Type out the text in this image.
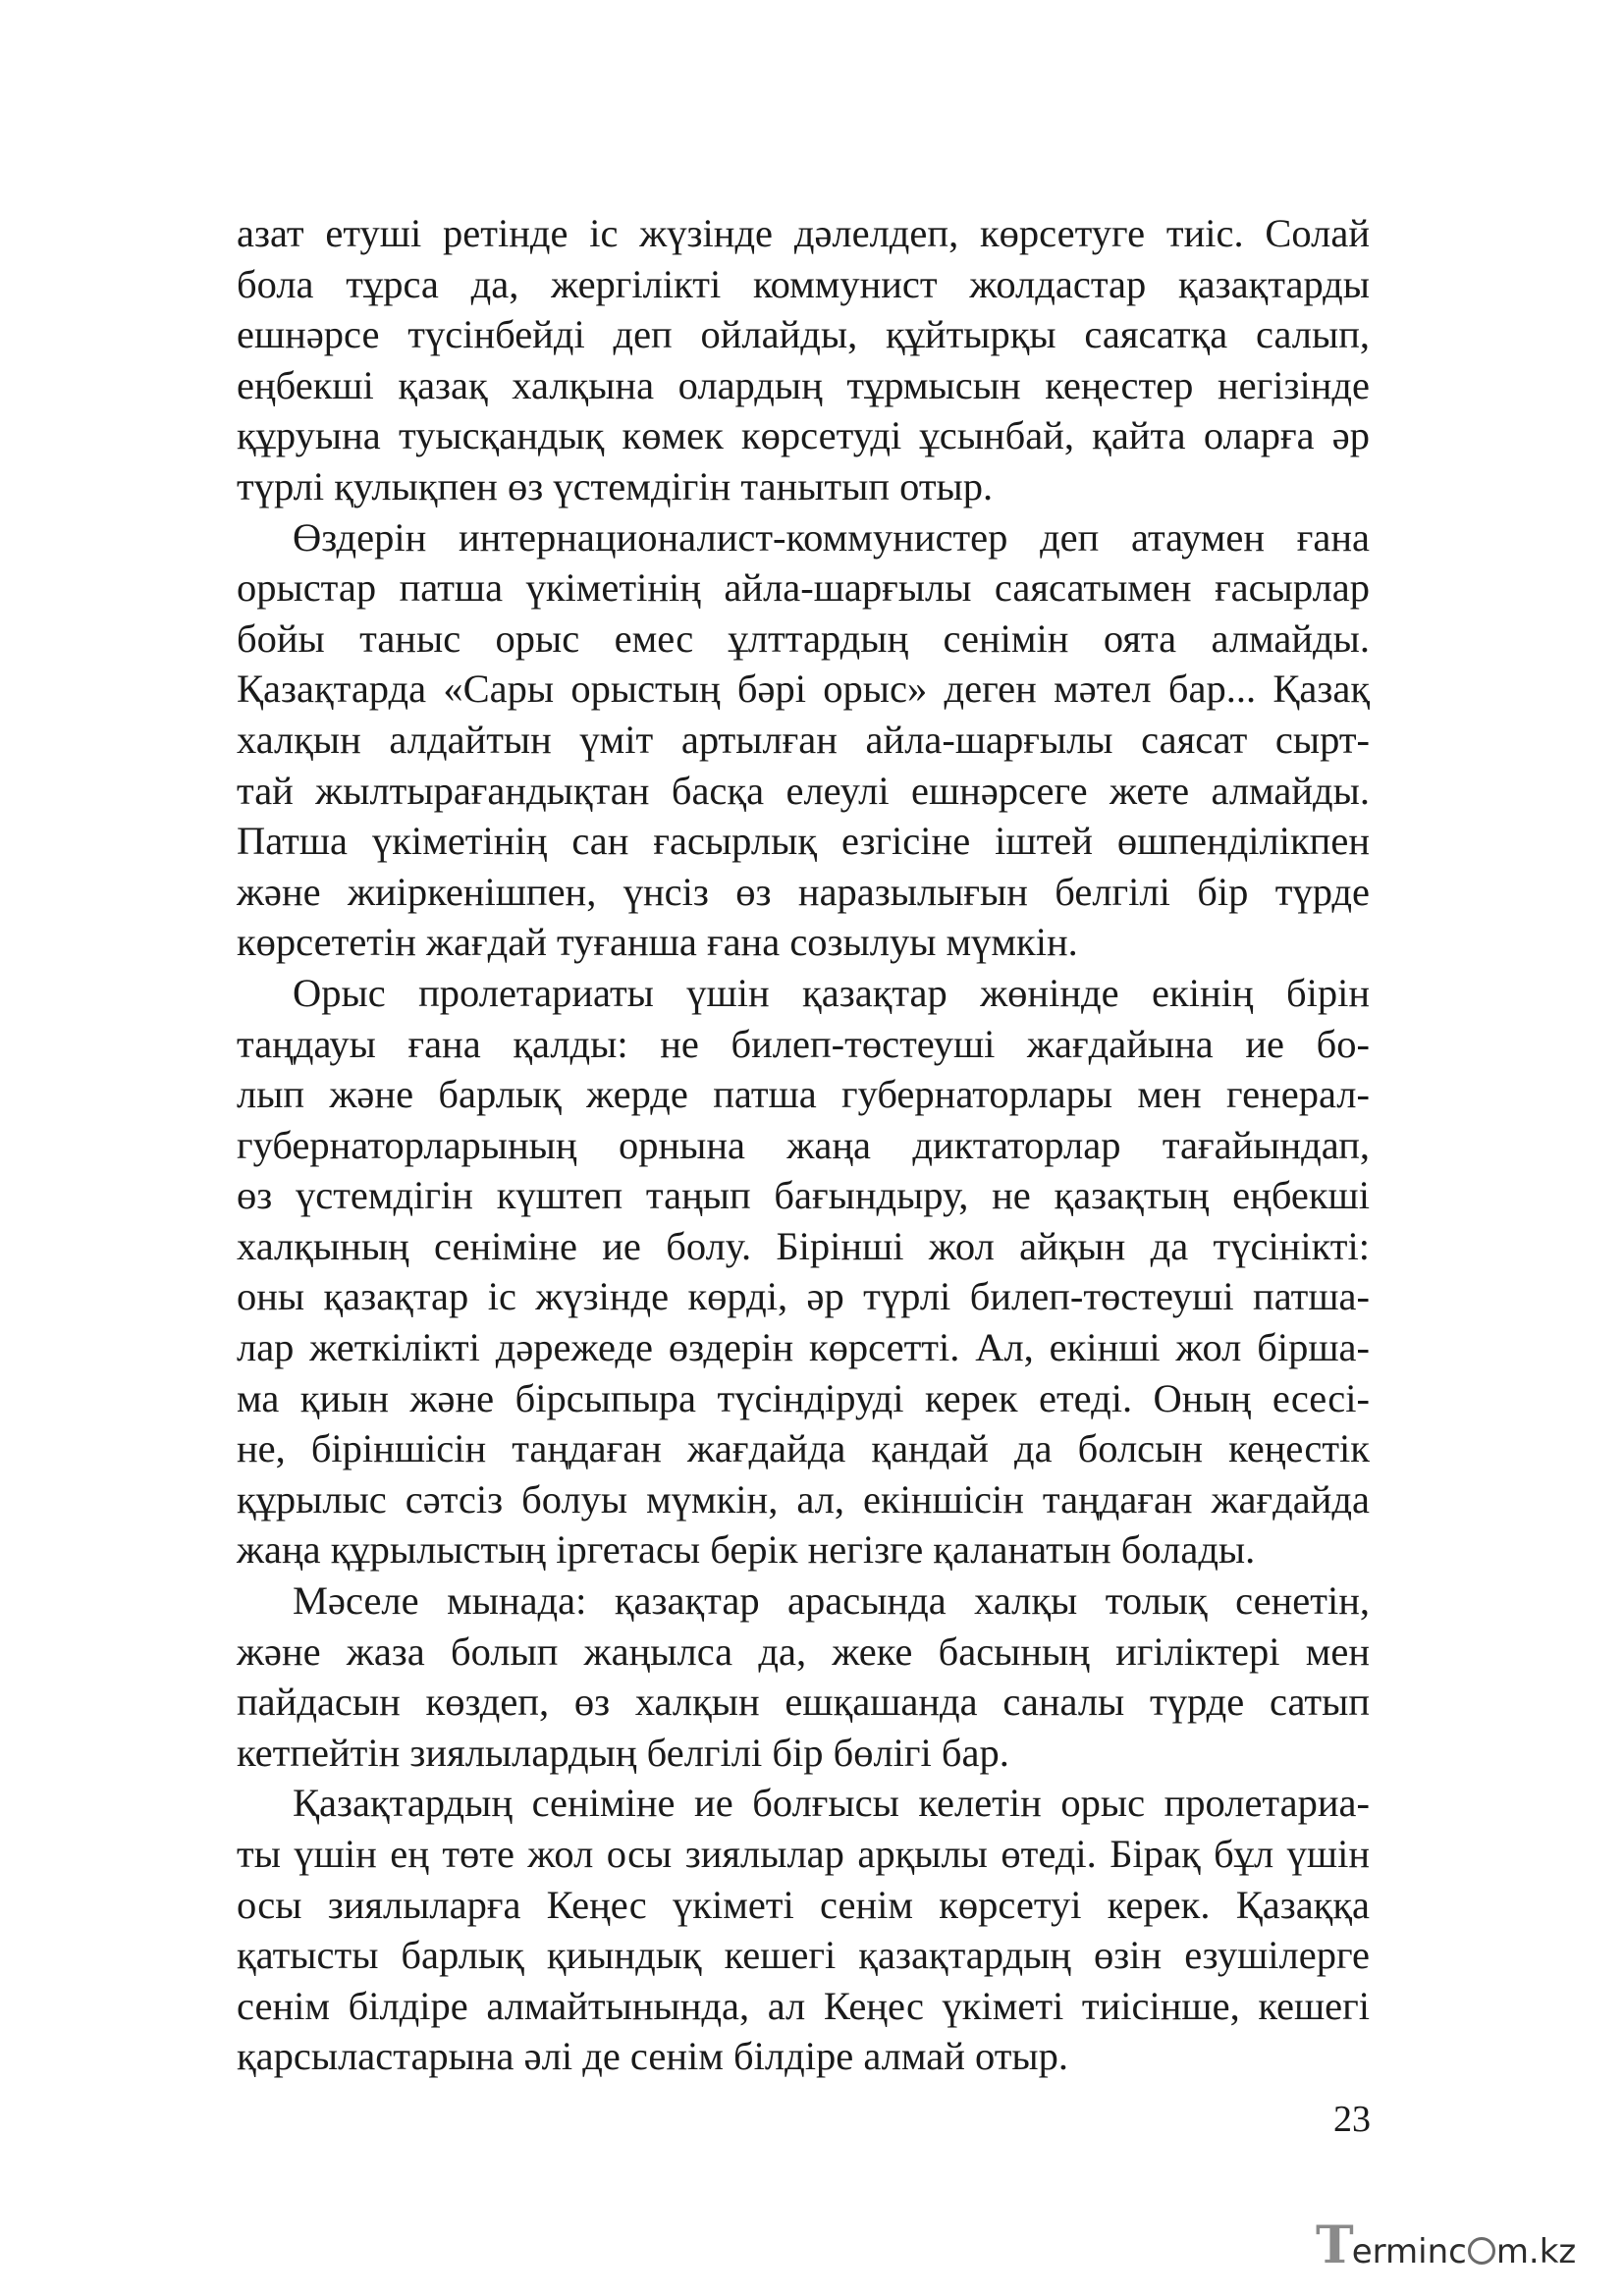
азат етуші ретінде іс жүзінде дәлелдеп, көрсетуге тиіс. Солай
бола тұрса да, жергілікті коммунист жолдастар қазақтарды
ешнәрсе түсінбейді деп ойлайды, құйтырқы саясатқа салып,
еңбекші қазақ халқына олардың тұрмысын кеңестер негізінде
құруына туысқандық көмек көрсетуді ұсынбай, қайта оларға әр
түрлі қулықпен өз үстемдігін танытып отыр.
Өздерін интернационалист-коммунистер деп атаумен ғана
орыстар патша үкіметінің айла-шарғылы саясатымен ғасырлар
бойы таныс орыс емес ұлттардың сенімін оята алмайды.
Қазақтарда «Сары орыстың бәрі орыс» деген мәтел бар... Қазақ
халқын алдайтын үміт артылған айла-шарғылы саясат сырт-
тай жылтырағандықтан басқа елеулі ешнәрсеге жете алмайды.
Патша үкіметінің сан ғасырлық езгісіне іштей өшпенділікпен
және жиіркенішпен, үнсіз өз наразылығын белгілі бір түрде
көрсететін жағдай туғанша ғана созылуы мүмкін.
Орыс пролетариаты үшін қазақтар жөнінде екінің бірін
таңдауы ғана қалды: не билеп-төстеуші жағдайына ие бо-
лып және барлық жерде патша губернаторлары мен генерал-
губернаторларының орнына жаңа диктаторлар тағайындап,
өз үстемдігін күштеп таңып бағындыру, не қазақтың еңбекші
халқының сеніміне ие болу. Бірінші жол айқын да түсінікті:
оны қазақтар іс жүзінде көрді, әр түрлі билеп-төстеуші патша-
лар жеткілікті дәрежеде өздерін көрсетті. Ал, екінші жол бірша-
ма қиын және бірсыпыра түсіндіруді керек етеді. Оның есесі-
не, біріншісін таңдаған жағдайда қандай да болсын кеңестік
құрылыс сәтсіз болуы мүмкін, ал, екіншісін таңдаған жағдайда
жаңа құрылыстың іргетасы берік негізге қаланатын болады.
Мәселе мынада: қазақтар арасында халқы толық сенетін,
және жаза болып жаңылса да, жеке басының игіліктері мен
пайдасын көздеп, өз халқын ешқашанда саналы түрде сатып
кетпейтін зиялылардың белгілі бір бөлігі бар.
Қазақтардың сеніміне ие болғысы келетін орыс пролетариа-
ты үшін ең төте жол осы зиялылар арқылы өтеді. Бірақ бұл үшін
осы зиялыларға Кеңес үкіметі сенім көрсетуі керек. Қазаққа
қатысты барлық қиындық кешегі қазақтардың өзін езушілерге
сенім білдіре алмайтынында, ал Кеңес үкіметі тиісінше, кешегі
қарсыластарына әлі де сенім білдіре алмай отыр.
23
Terminc m.kz
